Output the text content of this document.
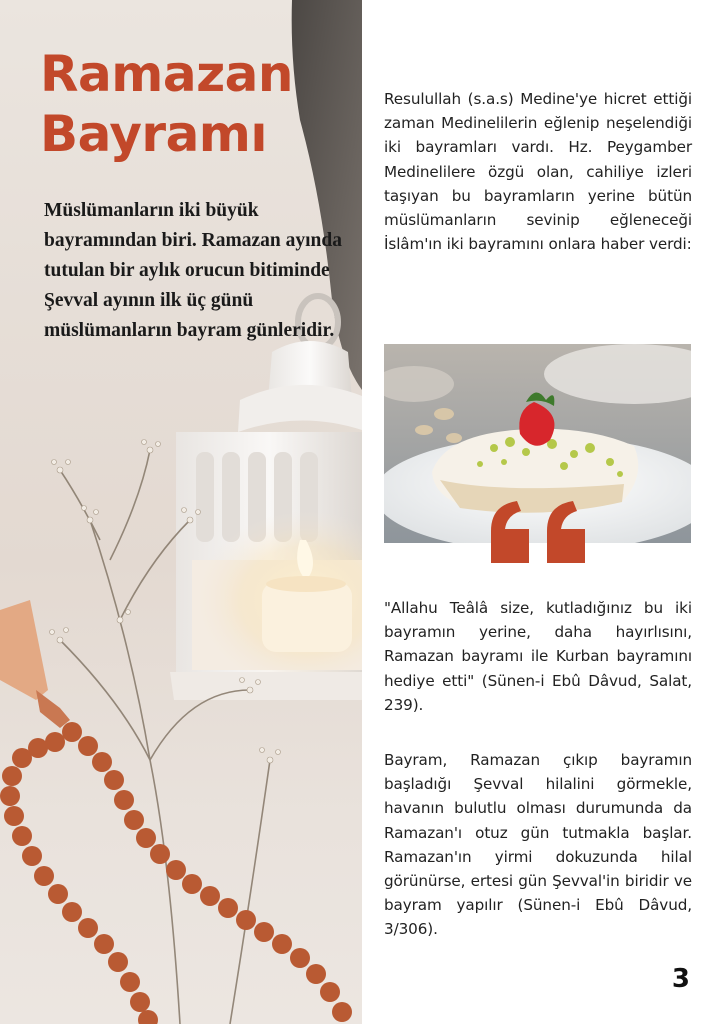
Ramazan
Bayramı

Müslümanların iki büyük bayramından biri. Ramazan ayında tutulan bir aylık orucun bitiminde Şevval ayının ilk üç günü müslümanların bayram günleridir.

Resulullah (s.a.s) Medine'ye hicret ettiği zaman Medinelilerin eğlenip neşelendiği iki bayramları vardı. Hz. Peygamber Medinelilere özgü olan, cahiliye izleri taşıyan bu bayramların yerine bütün müslümanların sevinip eğleneceği İslâm'ın iki bayramını onlara haber verdi:

"Allahu Teâlâ size, kutladığınız bu iki bayramın yerine, daha hayırlısını, Ramazan bayramı ile Kurban bayramını hediye etti" (Sünen-i Ebû Dâvud, Salat, 239).

Bayram, Ramazan çıkıp bayramın başladığı Şevval hilalini görmekle, havanın bulutlu olması durumunda da Ramazan'ı otuz gün tutmakla başlar. Ramazan'ın yirmi dokuzunda hilal görünürse, ertesi gün Şevval'in biridir ve bayram yapılır (Sünen-i Ebû Dâvud, 3/306).

3
